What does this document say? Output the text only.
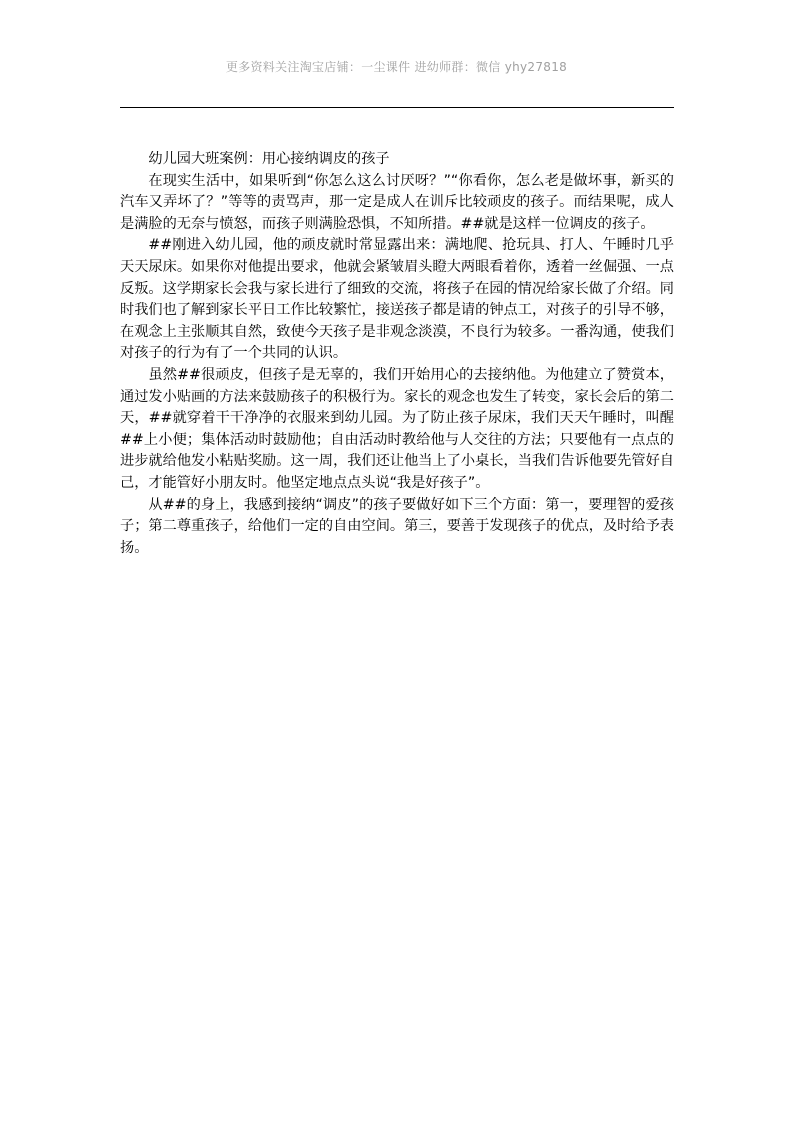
更多资料关注淘宝店铺：一尘课件 进幼师群：微信 yhy27818

幼儿园大班案例：用心接纳调皮的孩子

在现实生活中，如果听到“你怎么这么讨厌呀？”“你看你，怎么老是做坏事，新买的汽车又弄坏了？”等等的责骂声，那一定是成人在训斥比较顽皮的孩子。而结果呢，成人是满脸的无奈与愤怒，而孩子则满脸恐惧，不知所措。##就是这样一位调皮的孩子。

##刚进入幼儿园，他的顽皮就时常显露出来：满地爬、抢玩具、打人、午睡时几乎天天尿床。如果你对他提出要求，他就会紧皱眉头瞪大两眼看着你，透着一丝倔强、一点反叛。这学期家长会我与家长进行了细致的交流，将孩子在园的情况给家长做了介绍。同时我们也了解到家长平日工作比较繁忙，接送孩子都是请的钟点工，对孩子的引导不够，在观念上主张顺其自然，致使今天孩子是非观念淡漠，不良行为较多。一番沟通，使我们对孩子的行为有了一个共同的认识。

虽然##很顽皮，但孩子是无辜的，我们开始用心的去接纳他。为他建立了赞赏本，通过发小贴画的方法来鼓励孩子的积极行为。家长的观念也发生了转变，家长会后的第二天，##就穿着干干净净的衣服来到幼儿园。为了防止孩子尿床，我们天天午睡时，叫醒##上小便；集体活动时鼓励他；自由活动时教给他与人交往的方法；只要他有一点点的进步就给他发小粘贴奖励。这一周，我们还让他当上了小桌长，当我们告诉他要先管好自己，才能管好小朋友时。他坚定地点点头说“我是好孩子”。

从##的身上，我感到接纳“调皮”的孩子要做好如下三个方面：第一，要理智的爱孩子；第二尊重孩子，给他们一定的自由空间。第三，要善于发现孩子的优点，及时给予表扬。
